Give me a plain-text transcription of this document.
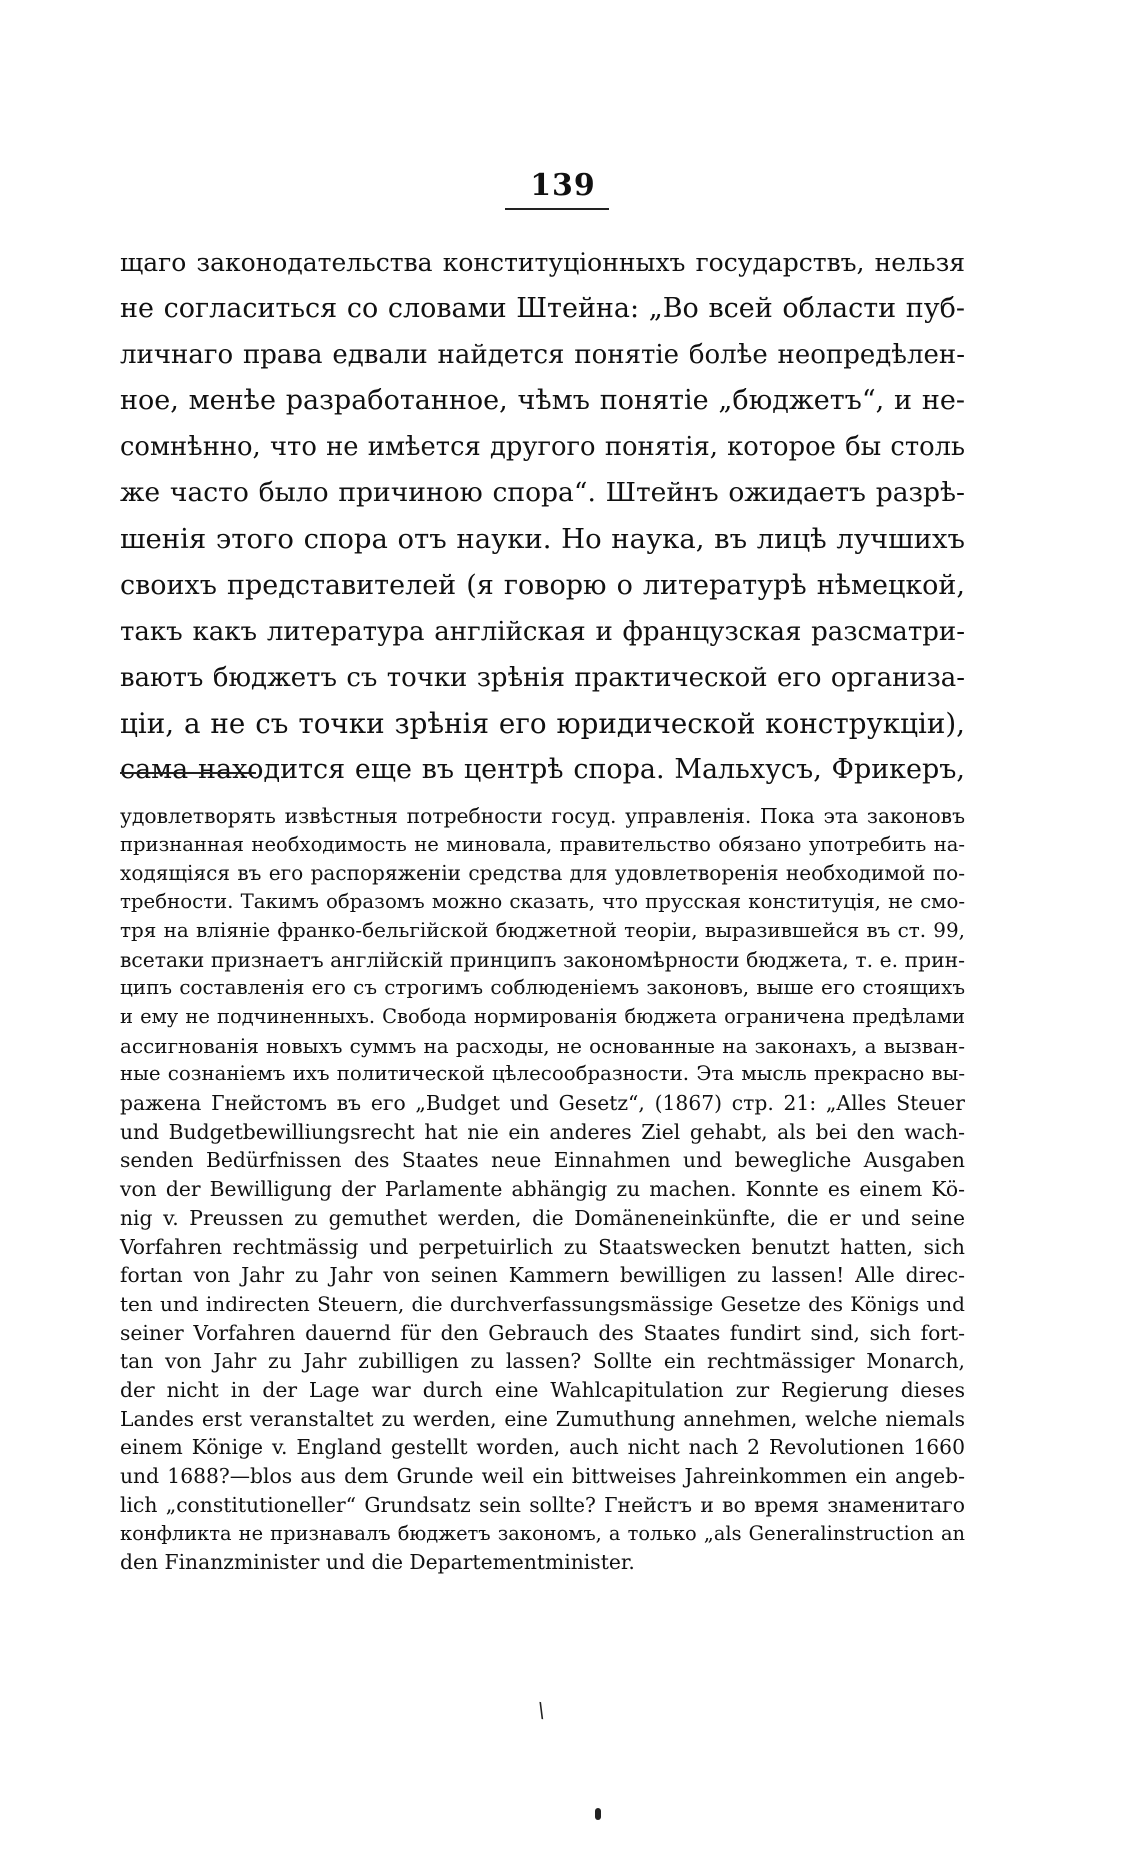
139
щаго законодательства конституціонныхъ государствъ, нельзя
не согласиться со словами Штейна: „Во всей области пуб-
личнаго права едвали найдется понятіе болѣе неопредѣлен-
ное, менѣе разработанное, чѣмъ понятіе „бюджетъ“, и не-
сомнѣнно, что не имѣется другого понятія, которое бы столь
же часто было причиною спора“. Штейнъ ожидаетъ разрѣ-
шенія этого спора отъ науки. Но наука, въ лицѣ лучшихъ
своихъ представителей (я говорю о литературѣ нѣмецкой,
такъ какъ литература англійская и французская разсматри-
ваютъ бюджетъ съ точки зрѣнія практической его организа-
ціи, а не съ точки зрѣнія его юридической конструкціи),
сама находится еще въ центрѣ спора. Мальхусъ, Фрикеръ,
удовлетворять извѣстныя потребности госуд. управленія. Пока эта законовъ
признанная необходимость не миновала, правительство обязано употребить на-
ходящіяся въ его распоряженіи средства для удовлетворенія необходимой по-
требности. Такимъ образомъ можно сказать, что прусская конституція, не смо-
тря на вліяніе франко-бельгійской бюджетной теоріи, выразившейся въ ст. 99,
всетаки признаетъ англійскій принципъ закономѣрности бюджета, т. е. прин-
ципъ составленія его съ строгимъ соблюденіемъ законовъ, выше его стоящихъ
и ему не подчиненныхъ. Свобода нормированія бюджета ограничена предѣлами
ассигнованія новыхъ суммъ на расходы, не основанные на законахъ, а вызван-
ные сознаніемъ ихъ политической цѣлесообразности. Эта мысль прекрасно вы-
ражена Гнейстомъ въ его „Budget und Gesetz“, (1867) стр. 21: „Alles Steuer
und Budgetbewilliungsrecht hat nie ein anderes Ziel gehabt, als bei den wach-
senden Bedürfnissen des Staates neue Einnahmen und bewegliche Ausgaben
von der Bewilligung der Parlamente abhängig zu machen. Konnte es einem Kö-
nig v. Preussen zu gemuthet werden, die Domäneneinkünfte, die er und seine
Vorfahren rechtmässig und perpetuirlich zu Staatswecken benutzt hatten, sich
fortan von Jahr zu Jahr von seinen Kammern bewilligen zu lassen! Alle direc-
ten und indirecten Steuern, die durchverfassungsmässige Gesetze des Königs und
seiner Vorfahren dauernd für den Gebrauch des Staates fundirt sind, sich fort-
tan von Jahr zu Jahr zubilligen zu lassen? Sollte ein rechtmässiger Monarch,
der nicht in der Lage war durch eine Wahlcapitulation zur Regierung dieses
Landes erst veranstaltet zu werden, eine Zumuthung annehmen, welche niemals
einem Könige v. England gestellt worden, auch nicht nach 2 Revolutionen 1660
und 1688?—blos aus dem Grunde weil ein bittweises Jahreinkommen ein angeb-
lich „constitutioneller“ Grundsatz sein sollte? Гнейстъ и во время знаменитаго
конфликта не признавалъ бюджетъ закономъ, а только „als Generalinstruction an
den Finanzminister und die Departementminister.
\
